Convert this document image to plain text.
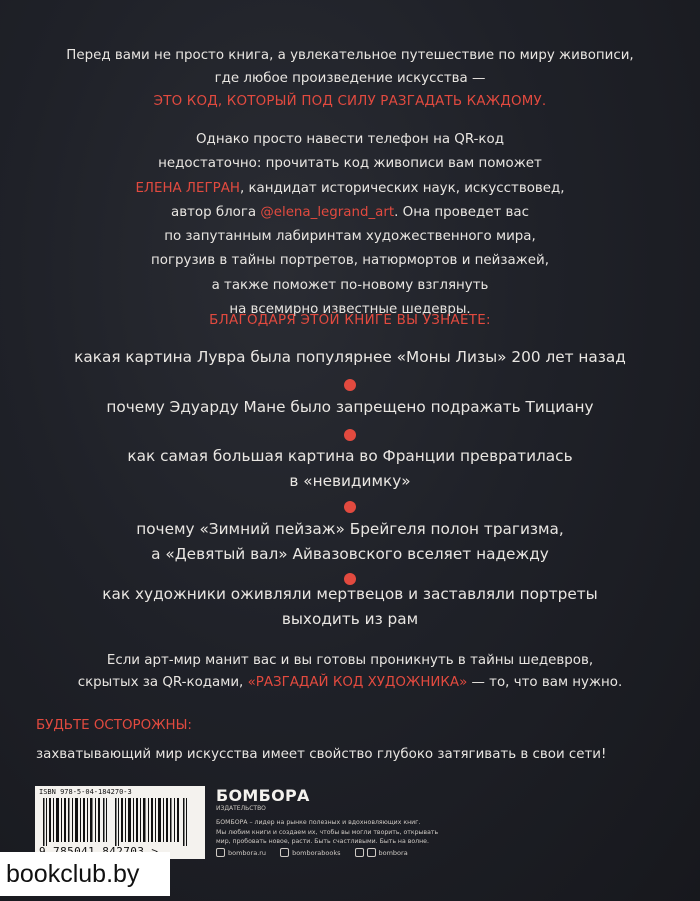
Перед вами не просто книга, а увлекательное путешествие по миру живописи,
где любое произведение искусства —
ЭТО КОД, КОТОРЫЙ ПОД СИЛУ РАЗГАДАТЬ КАЖДОМУ.
Однако просто навести телефон на QR-код
недостаточно: прочитать код живописи вам поможет
ЕЛЕНА ЛЕГРАН, кандидат исторических наук, искусствовед,
автор блога @elena_legrand_art. Она проведет вас
по запутанным лабиринтам художественного мира,
погрузив в тайны портретов, натюрмортов и пейзажей,
а также поможет по-новому взглянуть
на всемирно известные шедевры.
БЛАГОДАРЯ ЭТОЙ КНИГЕ ВЫ УЗНАЕТЕ:
какая картина Лувра была популярнее «Моны Лизы» 200 лет назад
почему Эдуарду Мане было запрещено подражать Тициану
как самая большая картина во Франции превратилась
в «невидимку»
почему «Зимний пейзаж» Брейгеля полон трагизма,
а «Девятый вал» Айвазовского вселяет надежду
как художники оживляли мертвецов и заставляли портреты
выходить из рам
Если арт-мир манит вас и вы готовы проникнуть в тайны шедевров,
скрытых за QR-кодами, «РАЗГАДАЙ КОД ХУДОЖНИКА» — то, что вам нужно.
БУДЬТЕ ОСТОРОЖНЫ:
захватывающий мир искусства имеет свойство глубоко затягивать в свои сети!
ISBN 978-5-04-184270-3	БОМБОРА
ИЗДАТЕЛЬСТВО
БОМБОРА – лидер на рынке полезных и вдохновляющих книг.
Мы любим книги и создаем их, чтобы вы могли творить, открывать
мир, пробовать новое, расти. Быть счастливыми. Быть на волне.
bombora.ru	bomborabooks	bombora
bookclub.by
